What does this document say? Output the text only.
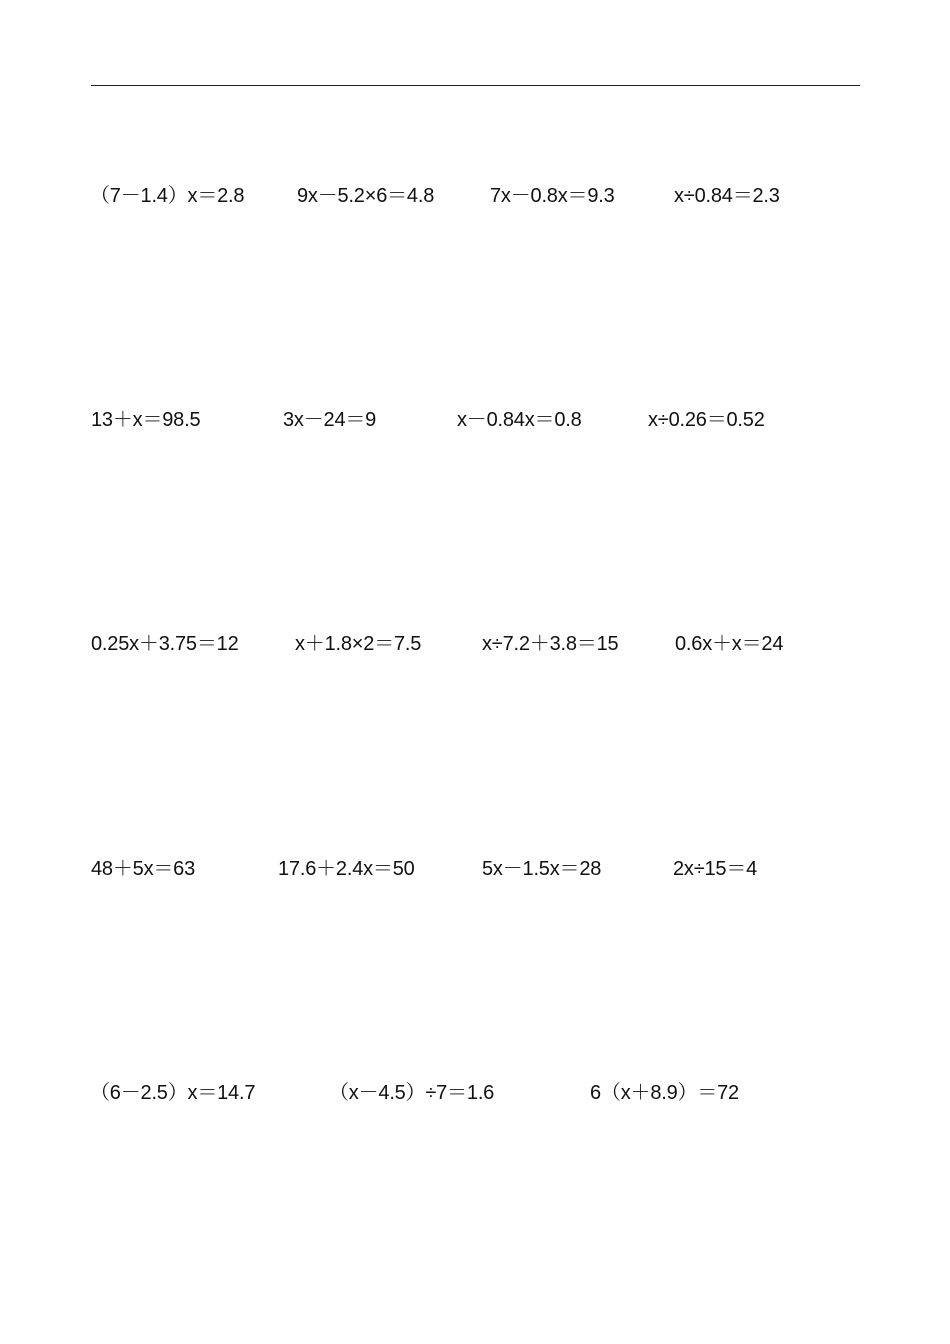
（7－1.4）x＝2.8	9x－5.2×6＝4.8	7x－0.8x＝9.3	x÷0.84＝2.3
13＋x＝98.5	3x－24＝9	x－0.84x＝0.8	x÷0.26＝0.52
0.25x＋3.75＝12	x＋1.8×2＝7.5	x÷7.2＋3.8＝15	0.6x＋x＝24
48＋5x＝63	17.6＋2.4x＝50	5x－1.5x＝28	2x÷15＝4
（6－2.5）x＝14.7	（x－4.5）÷7＝1.6	6（x＋8.9）＝72
